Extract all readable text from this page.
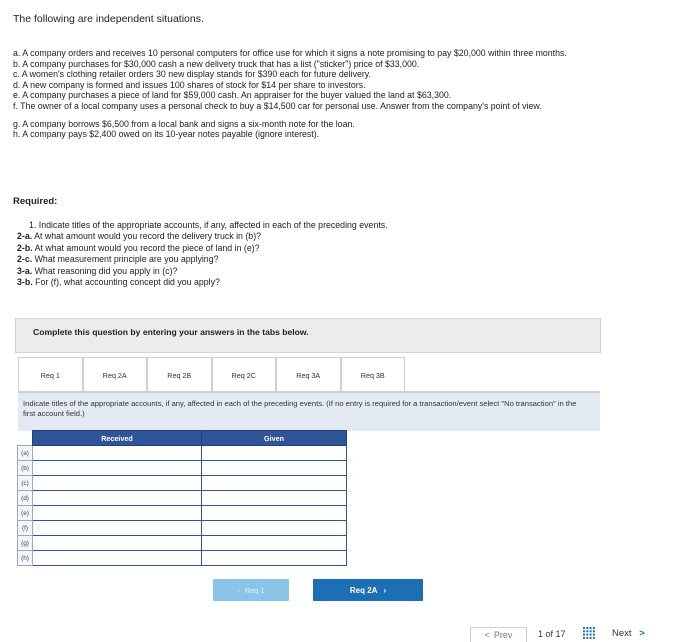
The following are independent situations.

a. A company orders and receives 10 personal computers for office use for which it signs a note promising to pay $20,000 within three months.

b. A company purchases for $30,000 cash a new delivery truck that has a list ("sticker") price of $33,000.

c. A women's clothing retailer orders 30 new display stands for $390 each for future delivery.

d. A new company is formed and issues 100 shares of stock for $14 per share to investors.

e. A company purchases a piece of land for $59,000 cash. An appraiser for the buyer valued the land at $63,300.

f. The owner of a local company uses a personal check to buy a $14,500 car for personal use. Answer from the company's point of view.

g. A company borrows $6,500 from a local bank and signs a six-month note for the loan.

h. A company pays $2,400 owed on its 10-year notes payable (ignore interest).

Required:

1. Indicate titles of the appropriate accounts, if any, affected in each of the preceding events.

2-a. At what amount would you record the delivery truck in (b)?

2-b. At what amount would you record the piece of land in (e)?

2-c. What measurement principle are you applying?

3-a. What reasoning did you apply in (c)?

3-b. For (f), what accounting concept did you apply?

Complete this question by entering your answers in the tabs below.
Req 1	Req 2A	Req 2B	Req 2C	Req 3A	Req 3B
Indicate titles of the appropriate accounts, if any, affected in each of the preceding events. (If no entry is required for a transaction/event select "No transaction" in the first account field.)
	Received	Given
(a)		
(b)		
(c)		
(d)		
(e)		
(f)		
(g)		
(h)		
‹ Req 1	Req 2A ›
< Prev	1 of 17	Next >
